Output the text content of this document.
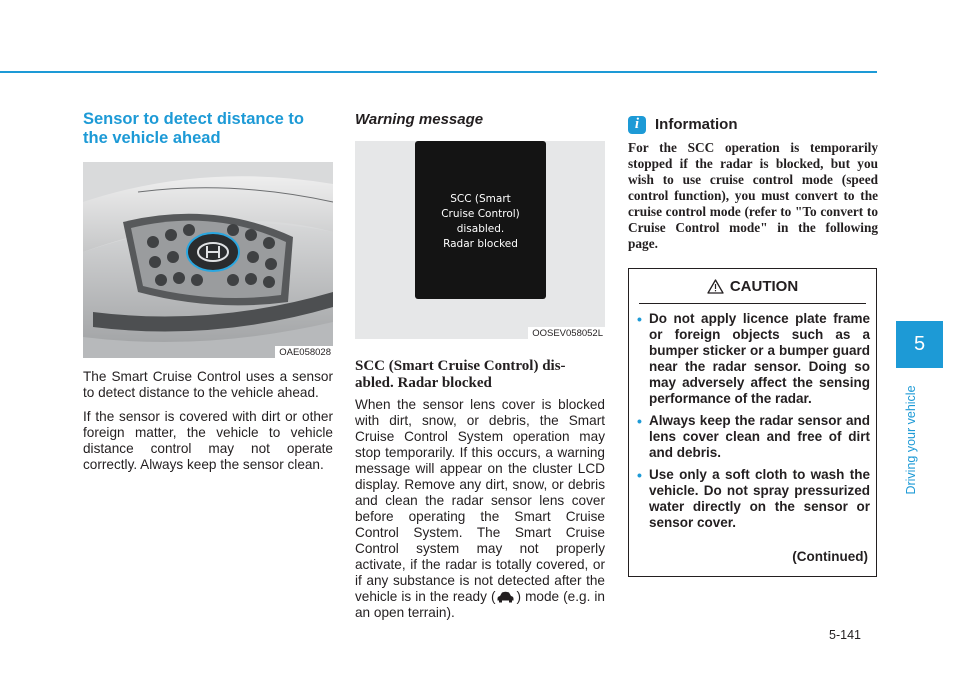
Sensor to detect distance to
the vehicle ahead
OAE058028

The Smart Cruise Control uses a sensor to detect distance to the vehicle ahead.

If the sensor is covered with dirt or other foreign matter, the vehicle to vehicle distance control may not operate correctly. Always keep the sensor clean.

Warning message
SCC (Smart
Cruise Control)
disabled.
Radar blocked
OOSEV058052L
SCC (Smart Cruise Control) dis-
abled. Radar blocked

When the sensor lens cover is blocked with dirt, snow, or debris, the Smart Cruise Control System operation may stop temporarily. If this occurs, a warning message will appear on the cluster LCD display. Remove any dirt, snow, or debris and clean the radar sensor lens cover before operating the Smart Cruise Control System. The Smart Cruise Control system may not properly activate, if the radar is totally covered, or if any substance is not detected after the vehicle is in the ready ( ) mode (e.g. in an open terrain).

i	Information

For the SCC operation is temporarily stopped if the radar is blocked, but you wish to use cruise control mode (speed control function), you must convert to the cruise control mode (refer to "To convert to Cruise Control mode" in the following page.

CAUTION
• Do not apply licence plate frame or foreign objects such as a bumper sticker or a bumper guard near the radar sensor. Doing so may adversely affect the sensing performance of the radar.
• Always keep the radar sensor and lens cover clean and free of dirt and debris.
• Use only a soft cloth to wash the vehicle. Do not spray pressurized water directly on the sensor or sensor cover.
(Continued)
5
Driving your vehicle
5-141
